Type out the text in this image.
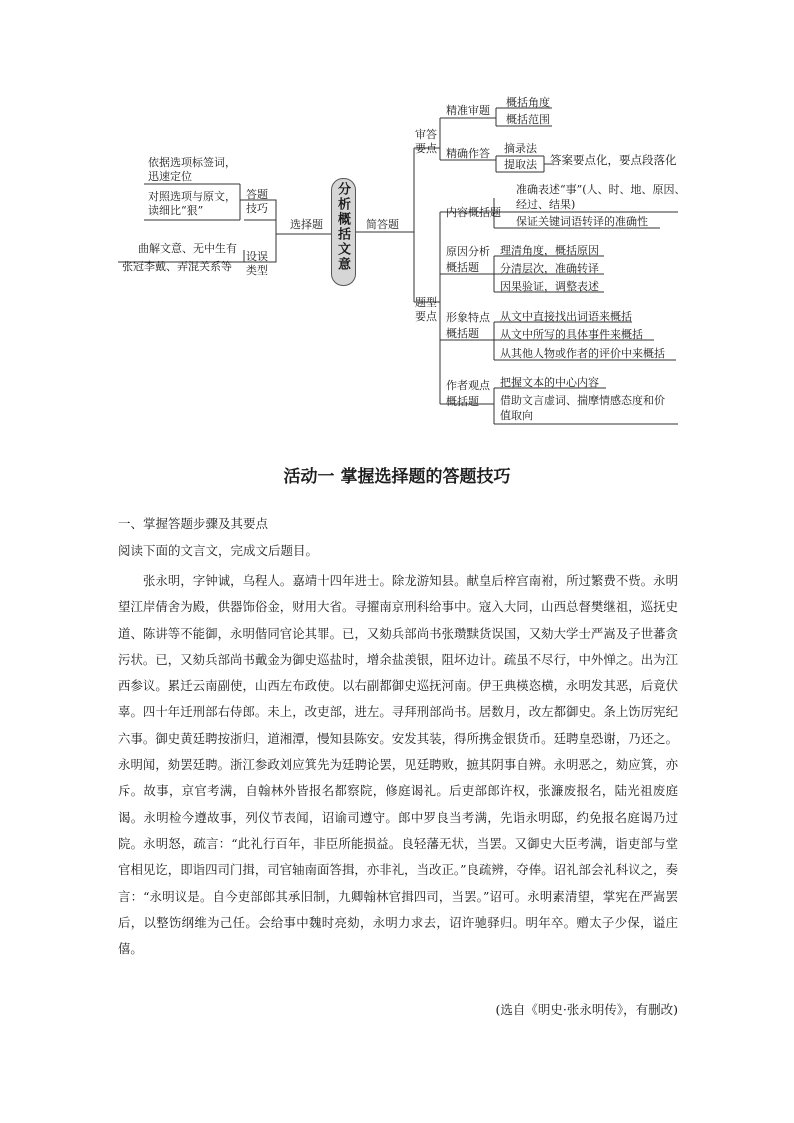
依据选项标签词，
迅速定位
对照选项与原文，
读细比“狠”
答题技巧
曲解文意、无中生有
张冠李戴、弄混关系等
设误类型
选择题 分析概括文意 简答题
审答要点
精准审题
概括角度
概括范围
精确作答 摘录法
提取法 答案要点化，要点段落化
题型要点
内容概括题
准确表述“事”(人、时、地、原因、
经过、结果)
保证关键词语转译的准确性
原因分析概括题
理清角度，概括原因
分清层次，准确转译
因果验证，调整表述
形象特点概括题
从文中直接找出词语来概括
从文中所写的具体事件来概括
从其他人物或作者的评价中来概括
作者观点概括题
把握文本的中心内容
借助文言虚词、揣摩情感态度和价
值取向
活动一 掌握选择题的答题技巧
一、掌握答题步骤及其要点
阅读下面的文言文，完成文后题目。
张永明，字钟诚，乌程人。嘉靖十四年进士。除龙游知县。献皇后梓宫南祔，所过繁费不赀。永明望江岸倩舍为殿，供器饰俗金，财用大省。寻擢南京刑科给事中。寇入大同，山西总督樊继祖，巡抚史道、陈讲等不能御，永明偕同官论其罪。已，又劾兵部尚书张瓒黩货误国，又劾大学士严嵩及子世蕃贪污状。已，又劾兵部尚书戴金为御史巡盐时，增余盐羡银，阻坏边计。疏虽不尽行，中外惮之。出为江西参议。累迁云南副使，山西左布政使。以右副都御史巡抚河南。伊王典楧恣横，永明发其恶，后竟伏辜。四十年迁刑部右侍郎。未上，改吏部，进左。寻拜刑部尚书。居数月，改左都御史。条上饬厉宪纪六事。御史黄廷聘按浙归，道湘潭，慢知县陈安。安发其装，得所携金银货币。廷聘皇恐谢，乃还之。永明闻，劾罢廷聘。浙江参政刘应箕先为廷聘论罢，见廷聘败，摭其阴事自辨。永明恶之，劾应箕，亦斥。故事，京官考满，自翰林外皆报名都察院，修庭谒礼。后吏部郎许权，张濂废报名，陆光祖废庭谒。永明检今遵故事，列仪节表闻，诏谕司遵守。郎中罗良当考满，先诣永明邸，约免报名庭谒乃过院。永明怒，疏言：“此礼行百年，非臣所能损益。良轻藩无状，当罢。又御史大臣考满，诣吏部与堂官相见讫，即诣四司门揖，司官轴南面答揖，亦非礼，当改正。”良疏辨，夺俸。诏礼部会礼科议之，奏言：“永明议是。自今吏部郎其承旧制，九卿翰林官揖四司，当罢。”诏可。永明素清望，掌宪在严嵩罢后，以整饬纲维为己任。会给事中魏时亮劾，永明力求去，诏许驰驿归。明年卒。赠太子少保，谥庄僖。
(选自《明史·张永明传》，有删改)
